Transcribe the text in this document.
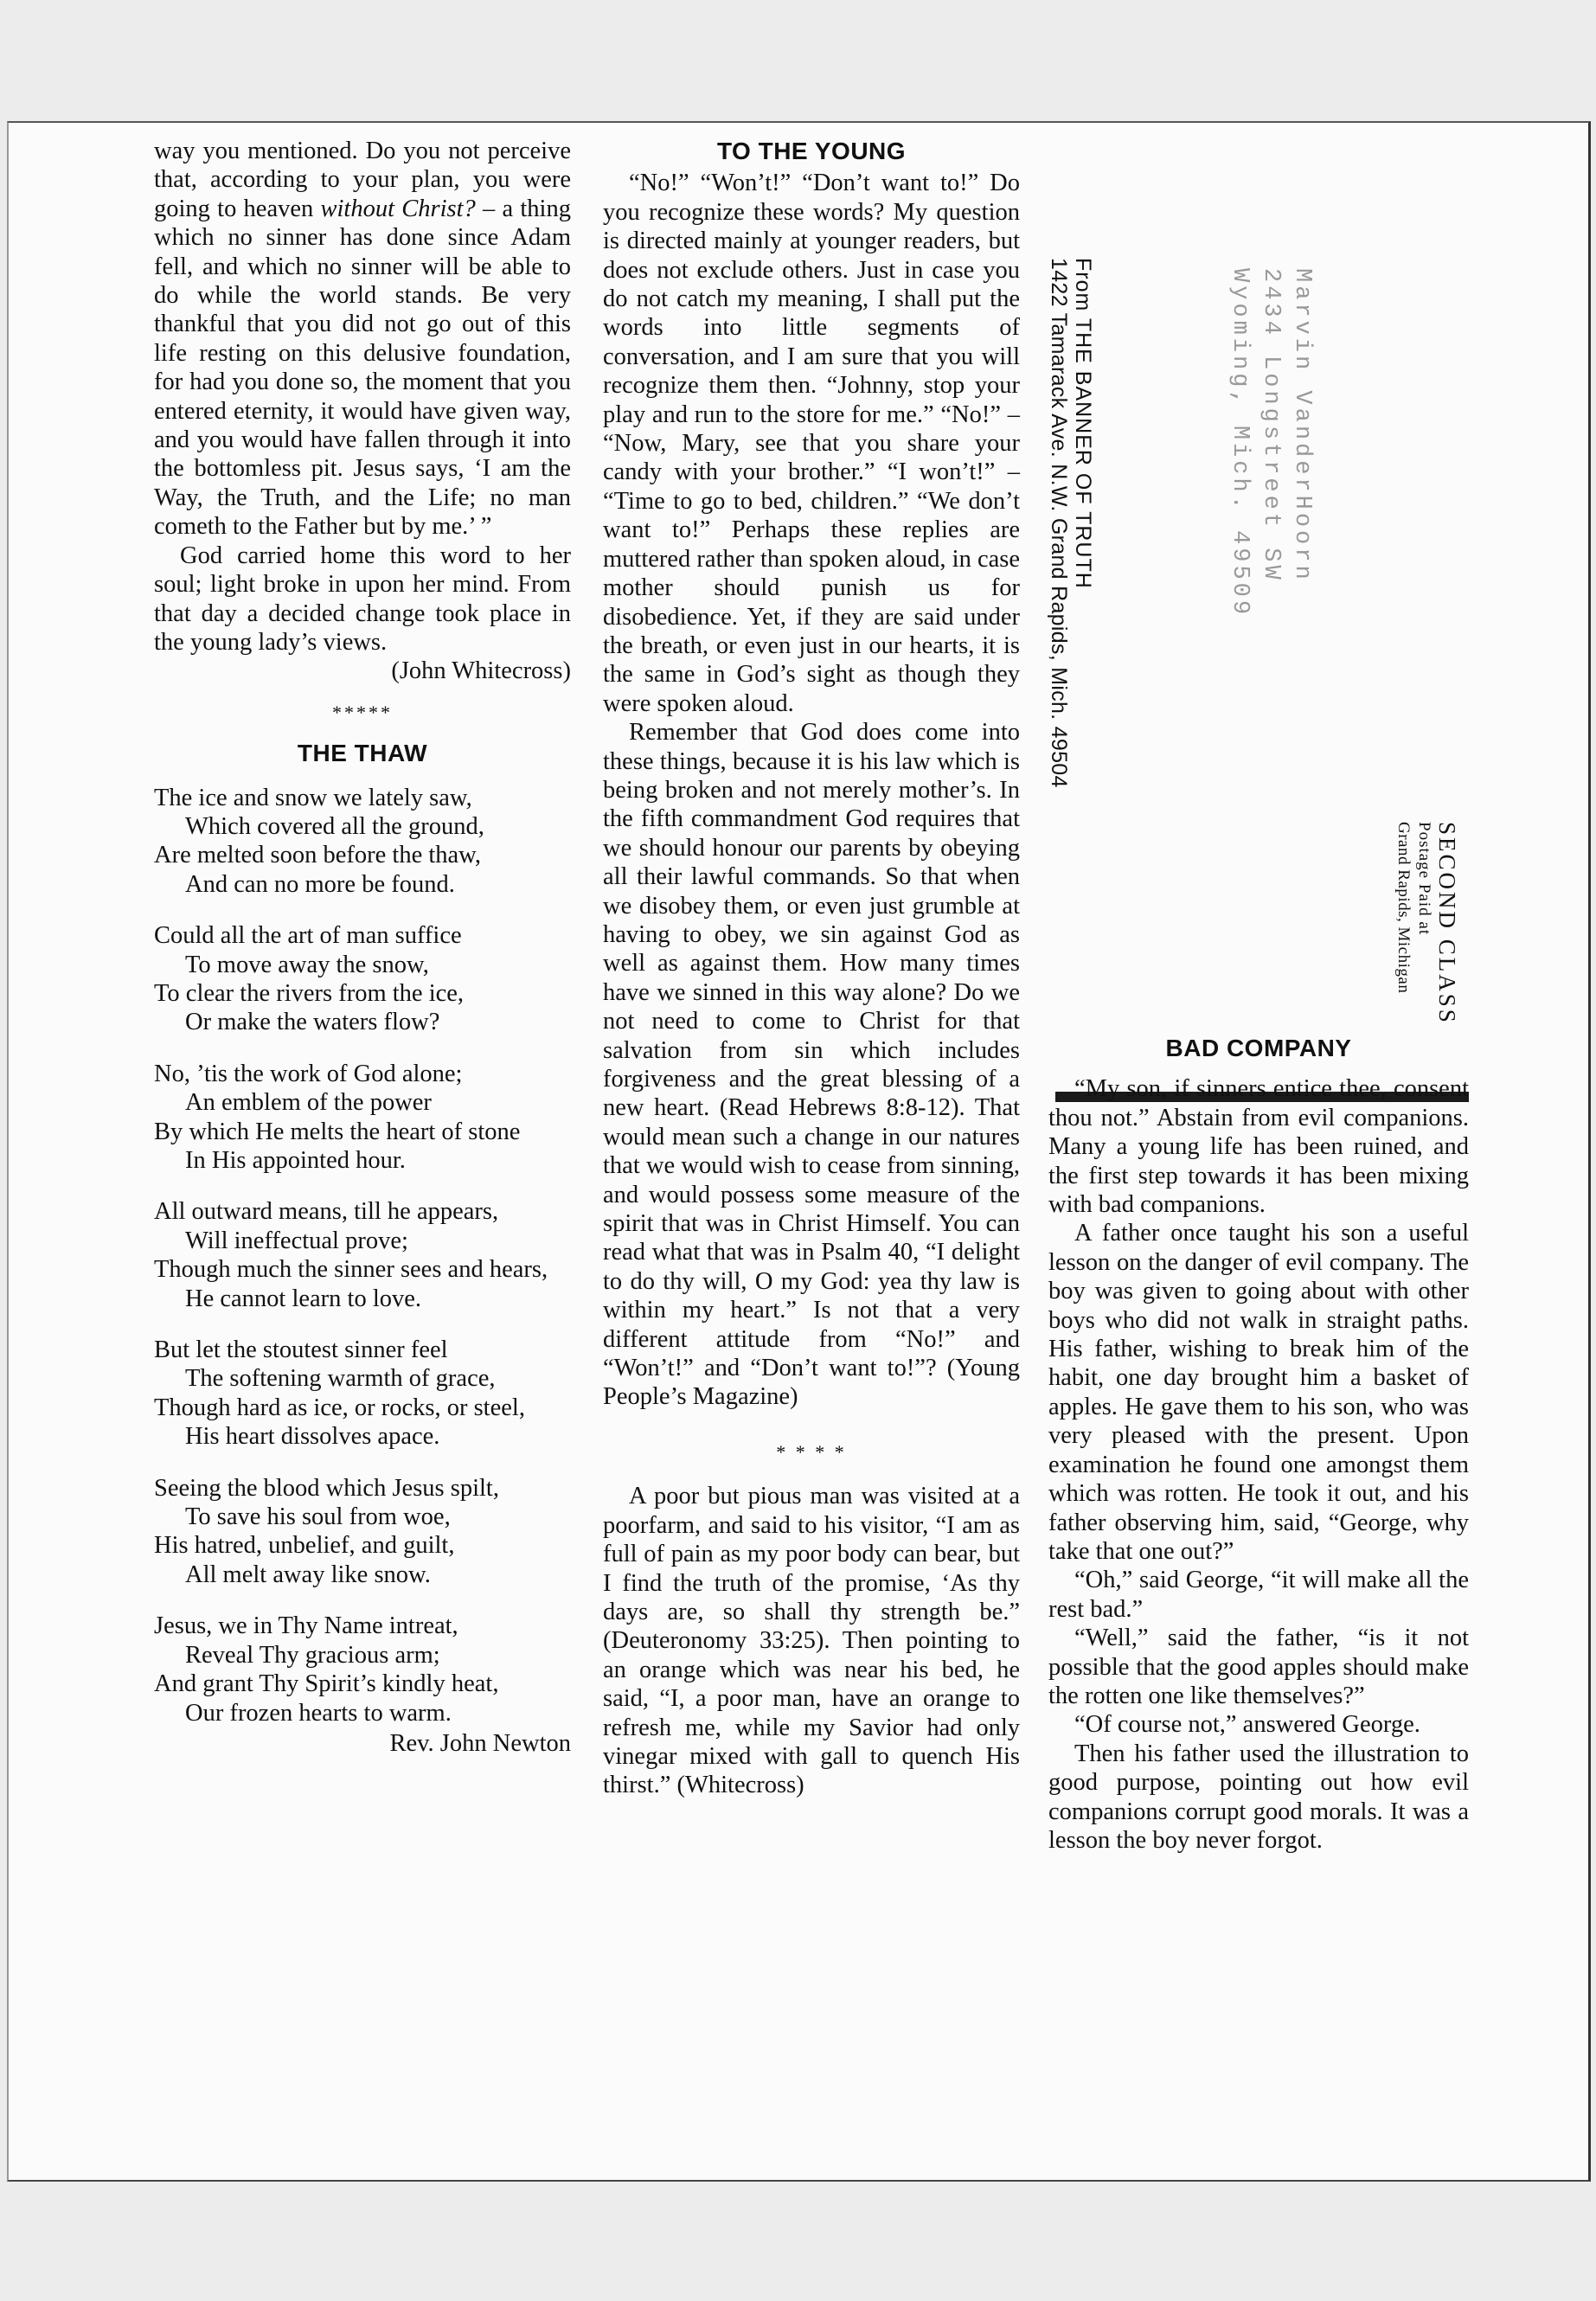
way you mentioned. Do you not perceive that, according to your plan, you were going to heaven without Christ? – a thing which no sinner has done since Adam fell, and which no sinner will be able to do while the world stands. Be very thankful that you did not go out of this life resting on this delusive foundation, for had you done so, the moment that you entered eternity, it would have given way, and you would have fallen through it into the bottomless pit. Jesus says, ‘I am the Way, the Truth, and the Life; no man cometh to the Father but by me.’ ”

God carried home this word to her soul; light broke in upon her mind. From that day a decided change took place in the young lady’s views.

(John Whitecross)
*****
THE THAW
The ice and snow we lately saw,
Which covered all the ground,
Are melted soon before the thaw,
And can no more be found.
Could all the art of man suffice
To move away the snow,
To clear the rivers from the ice,
Or make the waters flow?
No, ’tis the work of God alone;
An emblem of the power
By which He melts the heart of stone
In His appointed hour.
All outward means, till he appears,
Will ineffectual prove;
Though much the sinner sees and hears,
He cannot learn to love.
But let the stoutest sinner feel
The softening warmth of grace,
Though hard as ice, or rocks, or steel,
His heart dissolves apace.
Seeing the blood which Jesus spilt,
To save his soul from woe,
His hatred, unbelief, and guilt,
All melt away like snow.
Jesus, we in Thy Name intreat,
Reveal Thy gracious arm;
And grant Thy Spirit’s kindly heat,
Our frozen hearts to warm.
Rev. John Newton
TO THE YOUNG

“No!” “Won’t!” “Don’t want to!” Do you recognize these words? My question is directed mainly at younger readers, but does not exclude others. Just in case you do not catch my meaning, I shall put the words into little segments of conversation, and I am sure that you will recognize them then. “Johnny, stop your play and run to the store for me.” “No!” – “Now, Mary, see that you share your candy with your brother.” “I won’t!” – “Time to go to bed, children.” “We don’t want to!” Perhaps these replies are muttered rather than spoken aloud, in case mother should punish us for disobedience. Yet, if they are said under the breath, or even just in our hearts, it is the same in God’s sight as though they were spoken aloud.

Remember that God does come into these things, because it is his law which is being broken and not merely mother’s. In the fifth commandment God requires that we should honour our parents by obeying all their lawful commands. So that when we disobey them, or even just grumble at having to obey, we sin against God as well as against them. How many times have we sinned in this way alone? Do we not need to come to Christ for that salvation from sin which includes forgiveness and the great blessing of a new heart. (Read Hebrews 8:8-12). That would mean such a change in our natures that we would wish to cease from sinning, and would possess some measure of the spirit that was in Christ Himself. You can read what that was in Psalm 40, “I delight to do thy will, O my God: yea thy law is within my heart.” Is not that a very different attitude from “No!” and “Won’t!” and “Don’t want to!”? (Young People’s Magazine)

* * * *

A poor but pious man was visited at a poorfarm, and said to his visitor, “I am as full of pain as my poor body can bear, but I find the truth of the promise, ‘As thy days are, so shall thy strength be.” (Deuteronomy 33:25). Then pointing to an orange which was near his bed, he said, “I, a poor man, have an orange to refresh me, while my Savior had only vinegar mixed with gall to quench His thirst.” (Whitecross)

From THE BANNER OF TRUTH
1422 Tamarack Ave. N.W. Grand Rapids, Mich. 49504	Marvin VanderHoorn
2434 Longstreet SW
Wyoming, Mich. 49509
SECOND CLASS
Postage Paid at
Grand Rapids, Michigan
BAD COMPANY

“My son, if sinners entice thee, consent thou not.” Abstain from evil companions. Many a young life has been ruined, and the first step towards it has been mixing with bad companions.

A father once taught his son a useful lesson on the danger of evil company. The boy was given to going about with other boys who did not walk in straight paths. His father, wishing to break him of the habit, one day brought him a basket of apples. He gave them to his son, who was very pleased with the present. Upon examination he found one amongst them which was rotten. He took it out, and his father observing him, said, “George, why take that one out?”

“Oh,” said George, “it will make all the rest bad.”

“Well,” said the father, “is it not possible that the good apples should make the rotten one like themselves?”

“Of course not,” answered George.

Then his father used the illustration to good purpose, pointing out how evil companions corrupt good morals. It was a lesson the boy never forgot.
